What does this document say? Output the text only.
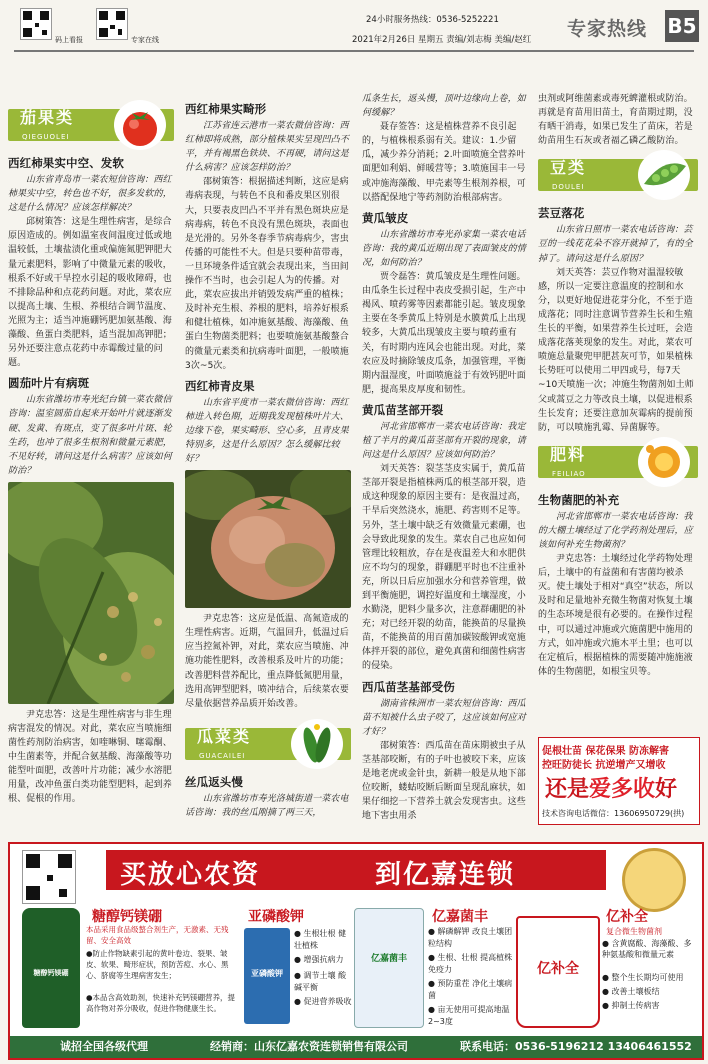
码上看报	专家在线
24小时服务热线：0536-5252221
2021年2月26日 星期五 责编/刘志梅 美编/赵红 专家热线 B5
茄果类
QIEGUOLEI
西红柿果实中空、发软

山东省青岛市一菜农短信咨询：西红柿果实中空，转色也不好，很多发软的，这是什么情况？应该怎样解决？

邱树策答：这是生理性病害，是综合原因造成的。例如温室夜间温度过低或地温较低，土壤盐渍化重或偏施氮肥钾肥大量元素肥料，影响了中微量元素的吸收，根系不好或干旱控水引起的吸收障碍，也不排除品种和点花药问题。对此，菜农应以提高土壤、生根、养根结合调节温度、光照为主；适当冲施硼钙肥加氨基酸、海藻酸、鱼蛋白类肥料，适当混加高钾肥；另外还要注意点花药中赤霉酸过量的问题。

圆茄叶片有病斑

山东省潍坊市寿光纪台镇一菜农微信咨询：温室圆茄自起来开始叶片就逐渐发硬、发黄、有斑点，变了很多叶片斑、轮生药，也冲了很多生根剂和微量元素肥，不见好转，请问这是什么病害？应该如何防治？

尹克忠答：这是生理性病害与非生理病害混发的情况。对此，菜农应当喷施细菌性药剂防治病害，如喹啉铜、噻霉酮、中生菌素等，并配合氨基酸、海藻酸等功能型叶面肥，改善叶片功能；减少水溶肥用量，改冲鱼蛋白类功能型肥料，起到养根、促根的作用。

西红柿果实畸形

江苏省连云港市一菜农微信咨询：西红柿即将成熟，部分植株果实呈现凹凸不平，并有褐黑色铁块、不再硬，请问这是什么病害？应该怎样防治？

邵树策答：根据描述判断，这应是病毒病表现，与转色不良和番皮果区别很大，只要表皮凹凸不平并有黑色斑块应是病毒病，转色不良没有黑色斑块，表面也是光滑的。另外冬春季节病毒病少，害虫传播的可能性不大。但是只要种苗带毒，一旦环境条件适宜就会表现出来，当田间操作不当时，也会引起人为的传播。对此，菜农应拔出并销毁发病严重的植株；及时补充生根、养根的肥料，培养好根系和健壮植株，如冲施氨基酸、海藻酸、鱼蛋白生物菌类肥料；也要喷施氨基酸螯合的微量元素类和抗病毒叶面肥，一般喷施3次~5次。

西红柿青皮果

山东省平度市一菜农微信咨询：西红柿进入转色期，近期我发现植株叶片大、边缘下卷，果实畸形、空心多，且青皮果特别多，这是什么原因？怎么缓解比较好？

尹克忠答：这应是低温、高氮造成的生理性病害。近期，气温回升，低温过后应当控氮补钾，对此，菜农应当喷施、冲施功能性肥料，改善根系及叶片的功能；改善肥料营养配比，重点降低氮肥用量，选用高钾型肥料，喷冲结合，后续菜农要尽量依据营养品质开始改善。

瓜菜类
GUACAILEI
丝瓜返头慢

山东省潍坊市寿光洛城街道一菜农电话咨询：我的丝瓜刚摘了两三天，

瓜条生长，返头慢，顶叶边缘向上卷，如何缓解？

聂存签答：这是植株营养不良引起的，与植株根系弱有关。建议：1.少留瓜，减少养分消耗；2.叶面喷施全营养叶面肥如利娟、鲜暖营等；3.喷施国丰一号或冲施海藻酸、甲壳素等生根剂养根，可以搭配保地宁等药剂防治根部病害。

黄瓜皱皮

山东省潍坊市寿光孙家集一菜农电话咨询：我的黄瓜近期出现了表面皱皮的情况，如何防治？

贾令磊答：黄瓜皱皮是生理性问题。由瓜条生长过程中表皮受损引起，生产中褐风、喷药雾等因素都能引起。皱皮现象主要在冬季黄瓜上特别是水膜黄瓜上出现较多，大黄瓜出现皱皮主要与喷药重有关，有时期内连风会也能出现。对此，菜农应及时摘除皱皮瓜条，加强管理，平衡期内温湿度，叶面喷施益于有效钙肥叶面肥，提高果皮厚度和韧性。

黄瓜苗茎部开裂

河北省邯郸市一菜农电话咨询：我定植了半月的黄瓜苗茎部有开裂的现象，请问这是什么原因？应该如何防治？

刘天英答：裂茎茎皮实属于，黄瓜苗茎部开裂是指植株两瓜的根茎部开裂，造成这种现象的原因主要有：是夜温过高，干旱后突然浇水，施肥、药害则不足等。另外，茎土壤中缺乏有效微量元素硼，也会导致此现象的发生。菜农自己也应如何管理比较粗放，存在是夜温差大和水肥供应不均匀的现象，群硼肥平时也不注重补充，所以日后应加强水分和营养管理，做到平衡施肥，调控好温度和土壤湿度，小水勤浇，肥料少量多次，注意群硼肥的补充；对已经开裂的幼苗，能换苗的尽量换苗，不能换苗的用百菌加碳铵酸钾或宽施体拌开裂的部位，避免真菌和细菌性病害的侵染。

西瓜苗茎基部受伤

湖南省株洲市一菜农短信咨询：西瓜苗不知被什么虫子咬了，这应该如何应对才好？

邵树策答：西瓜苗在苗床期被虫子从茎基部咬断，有的子叶也被咬下来，应该是地老虎或金针虫，新耕一般是从地下部位咬断，蝼蛄咬断后断面呈现乱麻状，如果仔细挖一下营养土就会发现害虫。这些地下害虫用杀

虫剂或阿维菌素或毒死蜱灌根或防治。再就是育苗用旧苗土，育苗期过期，没有晒干消毒，如果已发生了苗床，若是幼苗用生石灰或者福乙磷乙酸防治。

豆类
DOULEI
芸豆落花

山东省日照市一菜农电话咨询：芸豆的一线花花朵不容开就掉了，有的全掉了。请问这是什么原因？

刘天英答：芸豆作物对温湿较敏感，所以一定要注意温度的控制和水分，以更好地促进花芽分化，不至于造成落花；同时注意调节营养生长和生殖生长的平衡，如果营养生长过旺，会造成落花落荚现象的发生。对此，菜农可喷施总量聚兜甲肥甚灰可节，如果植株长势旺可以使用二甲四或号，每7天~10天喷施一次；冲施生物菌剂如土师父或蒿豆之力等改良土壤，以促进根系生长发育；还要注意加灰霉病的提前预防，可以喷施乳霉、异菌脲等。

肥料
FEILIAO
生物菌肥的补充

河北省邯郸市一菜农电话咨询：我的大棚土壤经过了化学药剂处理后，应该如何补充生物菌剂？

尹克忠答：土壤经过化学药物处理后，土壤中的有益菌和有害菌均被杀灭。使土壤处于相对“真空”状态，所以及时和足量地补充微生物菌对恢复土壤的生态环境是很有必要的。在操作过程中，可以通过冲施或穴施菌肥中施用的方式，如冲施或穴施木平土里；也可以在定植后，根据植株的需要随冲施施液体的生物菌肥，如根宝贝等。

促根壮苗 保花保果 防冻解害
控旺防徒长 抗逆增产又增收
还是爱多收好
技术咨询电话微信：13606950729(拱)
买放心农资	到亿嘉连锁
糖醇钙镁硼
糖醇钙镁硼
本品采用食品级螯合剂生产，无激素、无残留、安全高效
●防止作物缺素引起的黄叶卷边、裂果、皱皮、软果、畸形症状，预防苦痘、水心、黑心、脐腐等生理病害发生；
●本品含高效助剂，快速补充钙镁硼营养，提高作物对养分吸收，促进作物健康生长。
亚磷酸钾
亚磷酸钾
● 生根壮根 健壮植株
● 增强抗病力
● 调节土壤 酸碱平衡
● 促进营养吸收
亿嘉菌丰
亿嘉菌丰
● 解磷解钾 改良土壤团粒结构
● 生根、壮根 提高植株免疫力
● 预防重茬 净化土壤病菌
● 亩无使用可提高地温2~3度
亿补全
亿补全
复合微生物菌剂
● 含黄腐酸、海藻酸、多种氨基酸和微量元素
● 整个生长期均可使用
● 改善土壤板结
● 抑制土传病害
诚招全国各级代理	经销商：山东亿嘉农资连锁销售有限公司	联系电话：0536-5196212 13406461552
